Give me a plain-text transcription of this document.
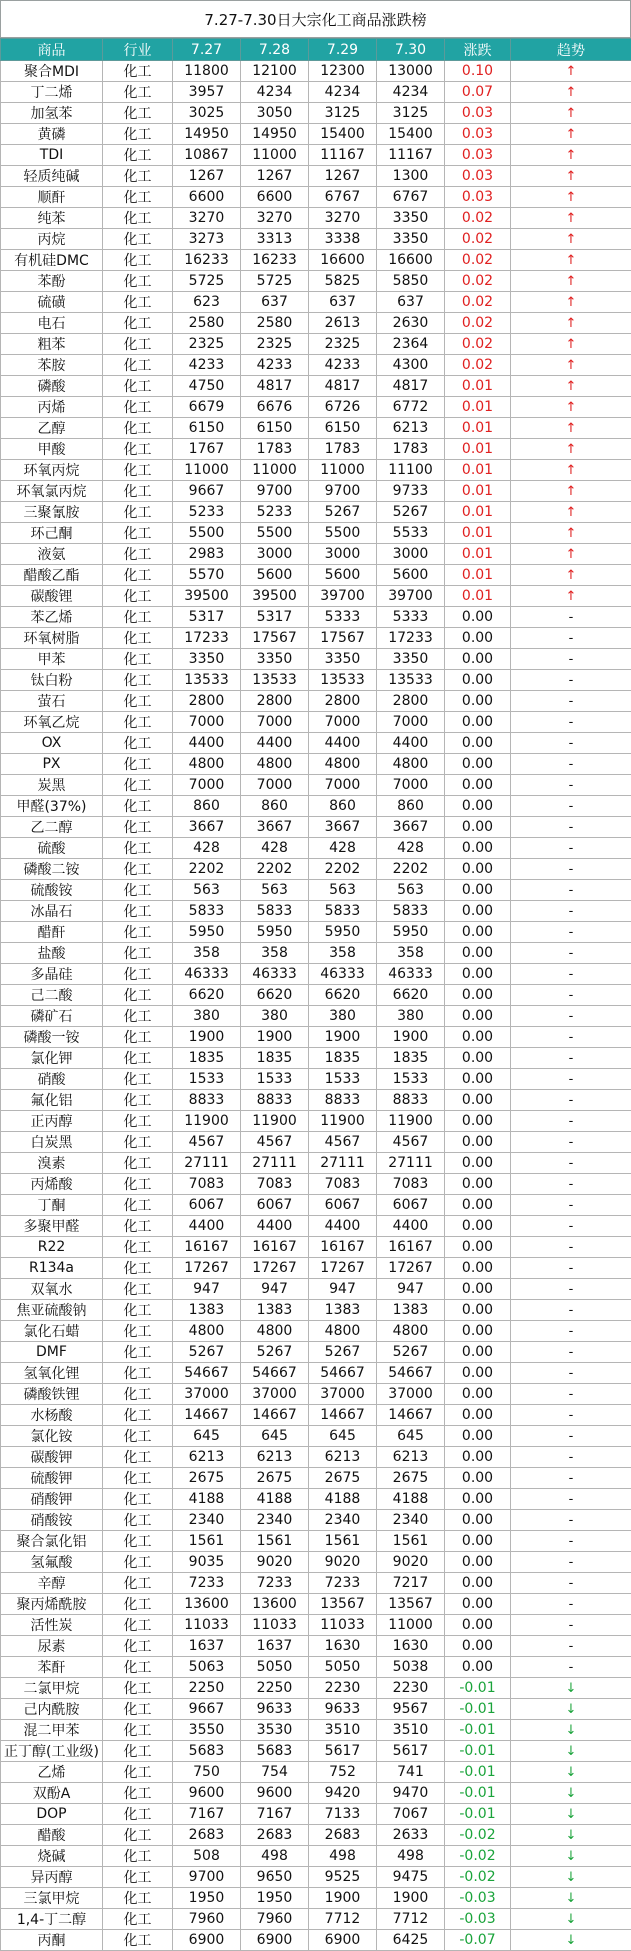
7.27-7.30日大宗化工商品涨跌榜
商品	行业	7.27	7.28	7.29	7.30	涨跌	趋势
聚合MDI	化工	11800	12100	12300	13000	0.10	↑
丁二烯	化工	3957	4234	4234	4234	0.07	↑
加氢苯	化工	3025	3050	3125	3125	0.03	↑
黄磷	化工	14950	14950	15400	15400	0.03	↑
TDI	化工	10867	11000	11167	11167	0.03	↑
轻质纯碱	化工	1267	1267	1267	1300	0.03	↑
顺酐	化工	6600	6600	6767	6767	0.03	↑
纯苯	化工	3270	3270	3270	3350	0.02	↑
丙烷	化工	3273	3313	3338	3350	0.02	↑
有机硅DMC	化工	16233	16233	16600	16600	0.02	↑
苯酚	化工	5725	5725	5825	5850	0.02	↑
硫磺	化工	623	637	637	637	0.02	↑
电石	化工	2580	2580	2613	2630	0.02	↑
粗苯	化工	2325	2325	2325	2364	0.02	↑
苯胺	化工	4233	4233	4233	4300	0.02	↑
磷酸	化工	4750	4817	4817	4817	0.01	↑
丙烯	化工	6679	6676	6726	6772	0.01	↑
乙醇	化工	6150	6150	6150	6213	0.01	↑
甲酸	化工	1767	1783	1783	1783	0.01	↑
环氧丙烷	化工	11000	11000	11000	11100	0.01	↑
环氧氯丙烷	化工	9667	9700	9700	9733	0.01	↑
三聚氰胺	化工	5233	5233	5267	5267	0.01	↑
环己酮	化工	5500	5500	5500	5533	0.01	↑
液氨	化工	2983	3000	3000	3000	0.01	↑
醋酸乙酯	化工	5570	5600	5600	5600	0.01	↑
碳酸锂	化工	39500	39500	39700	39700	0.01	↑
苯乙烯	化工	5317	5317	5333	5333	0.00	-
环氧树脂	化工	17233	17567	17567	17233	0.00	-
甲苯	化工	3350	3350	3350	3350	0.00	-
钛白粉	化工	13533	13533	13533	13533	0.00	-
萤石	化工	2800	2800	2800	2800	0.00	-
环氧乙烷	化工	7000	7000	7000	7000	0.00	-
OX	化工	4400	4400	4400	4400	0.00	-
PX	化工	4800	4800	4800	4800	0.00	-
炭黑	化工	7000	7000	7000	7000	0.00	-
甲醛(37%)	化工	860	860	860	860	0.00	-
乙二醇	化工	3667	3667	3667	3667	0.00	-
硫酸	化工	428	428	428	428	0.00	-
磷酸二铵	化工	2202	2202	2202	2202	0.00	-
硫酸铵	化工	563	563	563	563	0.00	-
冰晶石	化工	5833	5833	5833	5833	0.00	-
醋酐	化工	5950	5950	5950	5950	0.00	-
盐酸	化工	358	358	358	358	0.00	-
多晶硅	化工	46333	46333	46333	46333	0.00	-
己二酸	化工	6620	6620	6620	6620	0.00	-
磷矿石	化工	380	380	380	380	0.00	-
磷酸一铵	化工	1900	1900	1900	1900	0.00	-
氯化钾	化工	1835	1835	1835	1835	0.00	-
硝酸	化工	1533	1533	1533	1533	0.00	-
氟化铝	化工	8833	8833	8833	8833	0.00	-
正丙醇	化工	11900	11900	11900	11900	0.00	-
白炭黑	化工	4567	4567	4567	4567	0.00	-
溴素	化工	27111	27111	27111	27111	0.00	-
丙烯酸	化工	7083	7083	7083	7083	0.00	-
丁酮	化工	6067	6067	6067	6067	0.00	-
多聚甲醛	化工	4400	4400	4400	4400	0.00	-
R22	化工	16167	16167	16167	16167	0.00	-
R134a	化工	17267	17267	17267	17267	0.00	-
双氧水	化工	947	947	947	947	0.00	-
焦亚硫酸钠	化工	1383	1383	1383	1383	0.00	-
氯化石蜡	化工	4800	4800	4800	4800	0.00	-
DMF	化工	5267	5267	5267	5267	0.00	-
氢氧化锂	化工	54667	54667	54667	54667	0.00	-
磷酸铁锂	化工	37000	37000	37000	37000	0.00	-
水杨酸	化工	14667	14667	14667	14667	0.00	-
氯化铵	化工	645	645	645	645	0.00	-
碳酸钾	化工	6213	6213	6213	6213	0.00	-
硫酸钾	化工	2675	2675	2675	2675	0.00	-
硝酸钾	化工	4188	4188	4188	4188	0.00	-
硝酸铵	化工	2340	2340	2340	2340	0.00	-
聚合氯化铝	化工	1561	1561	1561	1561	0.00	-
氢氟酸	化工	9035	9020	9020	9020	0.00	-
辛醇	化工	7233	7233	7233	7217	0.00	-
聚丙烯酰胺	化工	13600	13600	13567	13567	0.00	-
活性炭	化工	11033	11033	11033	11000	0.00	-
尿素	化工	1637	1637	1630	1630	0.00	-
苯酐	化工	5063	5050	5050	5038	0.00	-
二氯甲烷	化工	2250	2250	2230	2230	-0.01	↓
己内酰胺	化工	9667	9633	9633	9567	-0.01	↓
混二甲苯	化工	3550	3530	3510	3510	-0.01	↓
正丁醇(工业级)	化工	5683	5683	5617	5617	-0.01	↓
乙烯	化工	750	754	752	741	-0.01	↓
双酚A	化工	9600	9600	9420	9470	-0.01	↓
DOP	化工	7167	7167	7133	7067	-0.01	↓
醋酸	化工	2683	2683	2683	2633	-0.02	↓
烧碱	化工	508	498	498	498	-0.02	↓
异丙醇	化工	9700	9650	9525	9475	-0.02	↓
三氯甲烷	化工	1950	1950	1900	1900	-0.03	↓
1,4-丁二醇	化工	7960	7960	7712	7712	-0.03	↓
丙酮	化工	6900	6900	6900	6425	-0.07	↓
